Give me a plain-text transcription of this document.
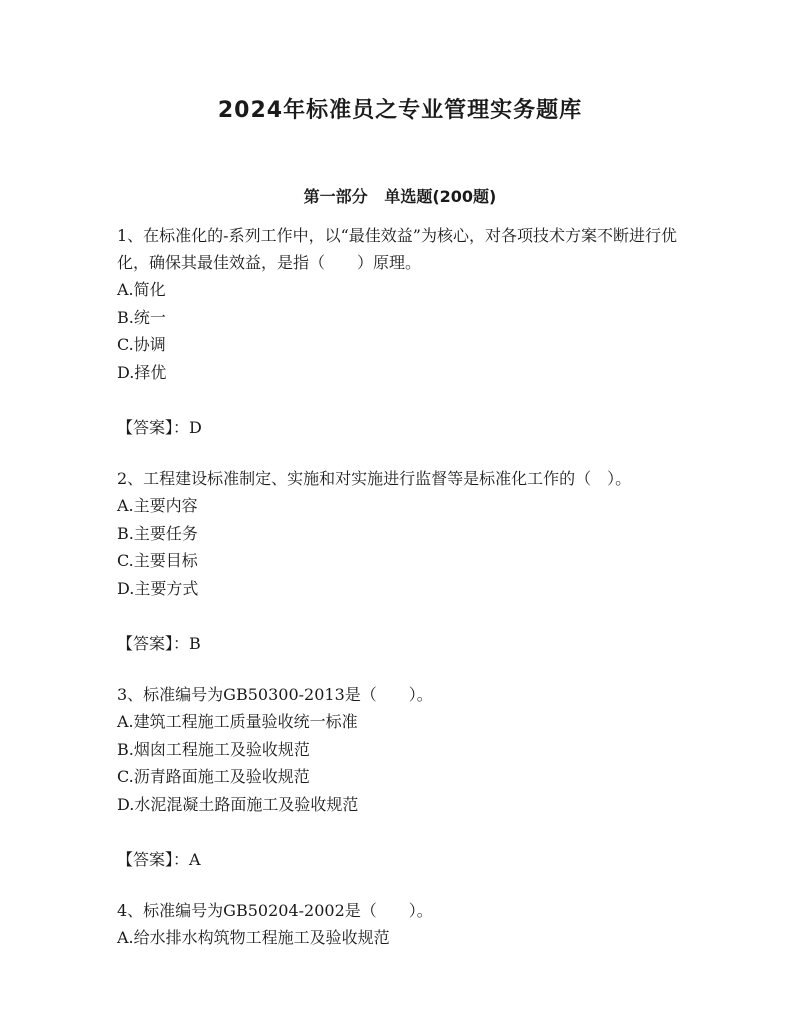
2024年标准员之专业管理实务题库
第一部分   单选题(200题)

1、在标准化的-系列工作中，以“最佳效益”为核心，对各项技术方案不断进行优化，确保其最佳效益，是指（　　）原理。

A.简化
B.统一
C.协调
D.择优

【答案】：D

2、工程建设标准制定、实施和对实施进行监督等是标准化工作的（　）。

A.主要内容
B.主要任务
C.主要目标
D.主要方式

【答案】：B

3、标准编号为GB50300-2013是（　　）。

A.建筑工程施工质量验收统一标准
B.烟囱工程施工及验收规范
C.沥青路面施工及验收规范
D.水泥混凝土路面施工及验收规范

【答案】：A

4、标准编号为GB50204-2002是（　　）。

A.给水排水构筑物工程施工及验收规范
